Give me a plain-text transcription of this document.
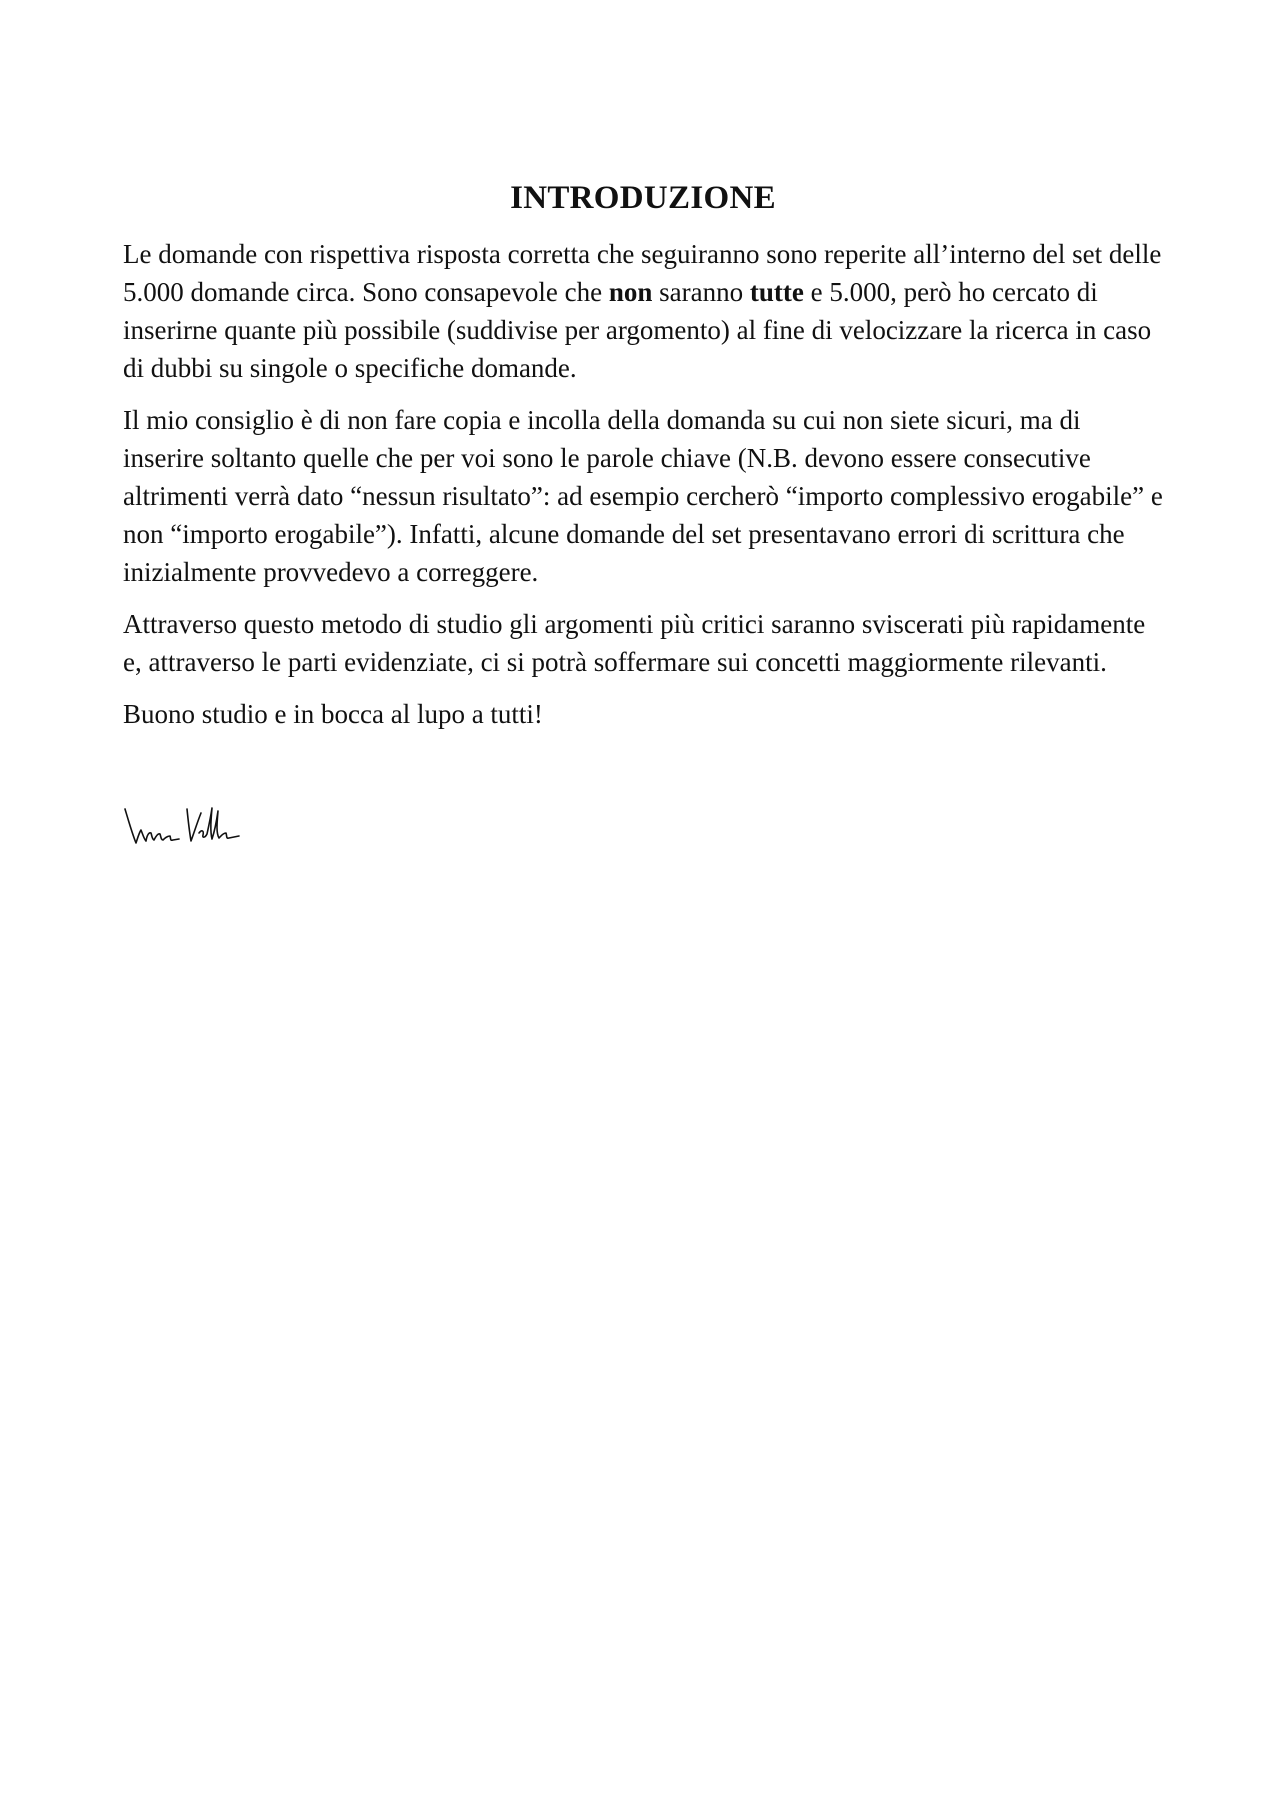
INTRODUZIONE

Le domande con rispettiva risposta corretta che seguiranno sono reperite all’interno del set delle 5.000 domande circa. Sono consapevole che non saranno tutte e 5.000, però ho cercato di inserirne quante più possibile (suddivise per argomento) al fine di velocizzare la ricerca in caso di dubbi su singole o specifiche domande.

Il mio consiglio è di non fare copia e incolla della domanda su cui non siete sicuri, ma di inserire soltanto quelle che per voi sono le parole chiave (N.B. devono essere consecutive altrimenti verrà dato “nessun risultato”: ad esempio cercherò “importo complessivo erogabile” e non “importo erogabile”). Infatti, alcune domande del set presentavano errori di scrittura che inizialmente provvedevo a correggere.

Attraverso questo metodo di studio gli argomenti più critici saranno sviscerati più rapidamente e, attraverso le parti evidenziate, ci si potrà soffermare sui concetti maggiormente rilevanti.

Buono studio e in bocca al lupo a tutti!
